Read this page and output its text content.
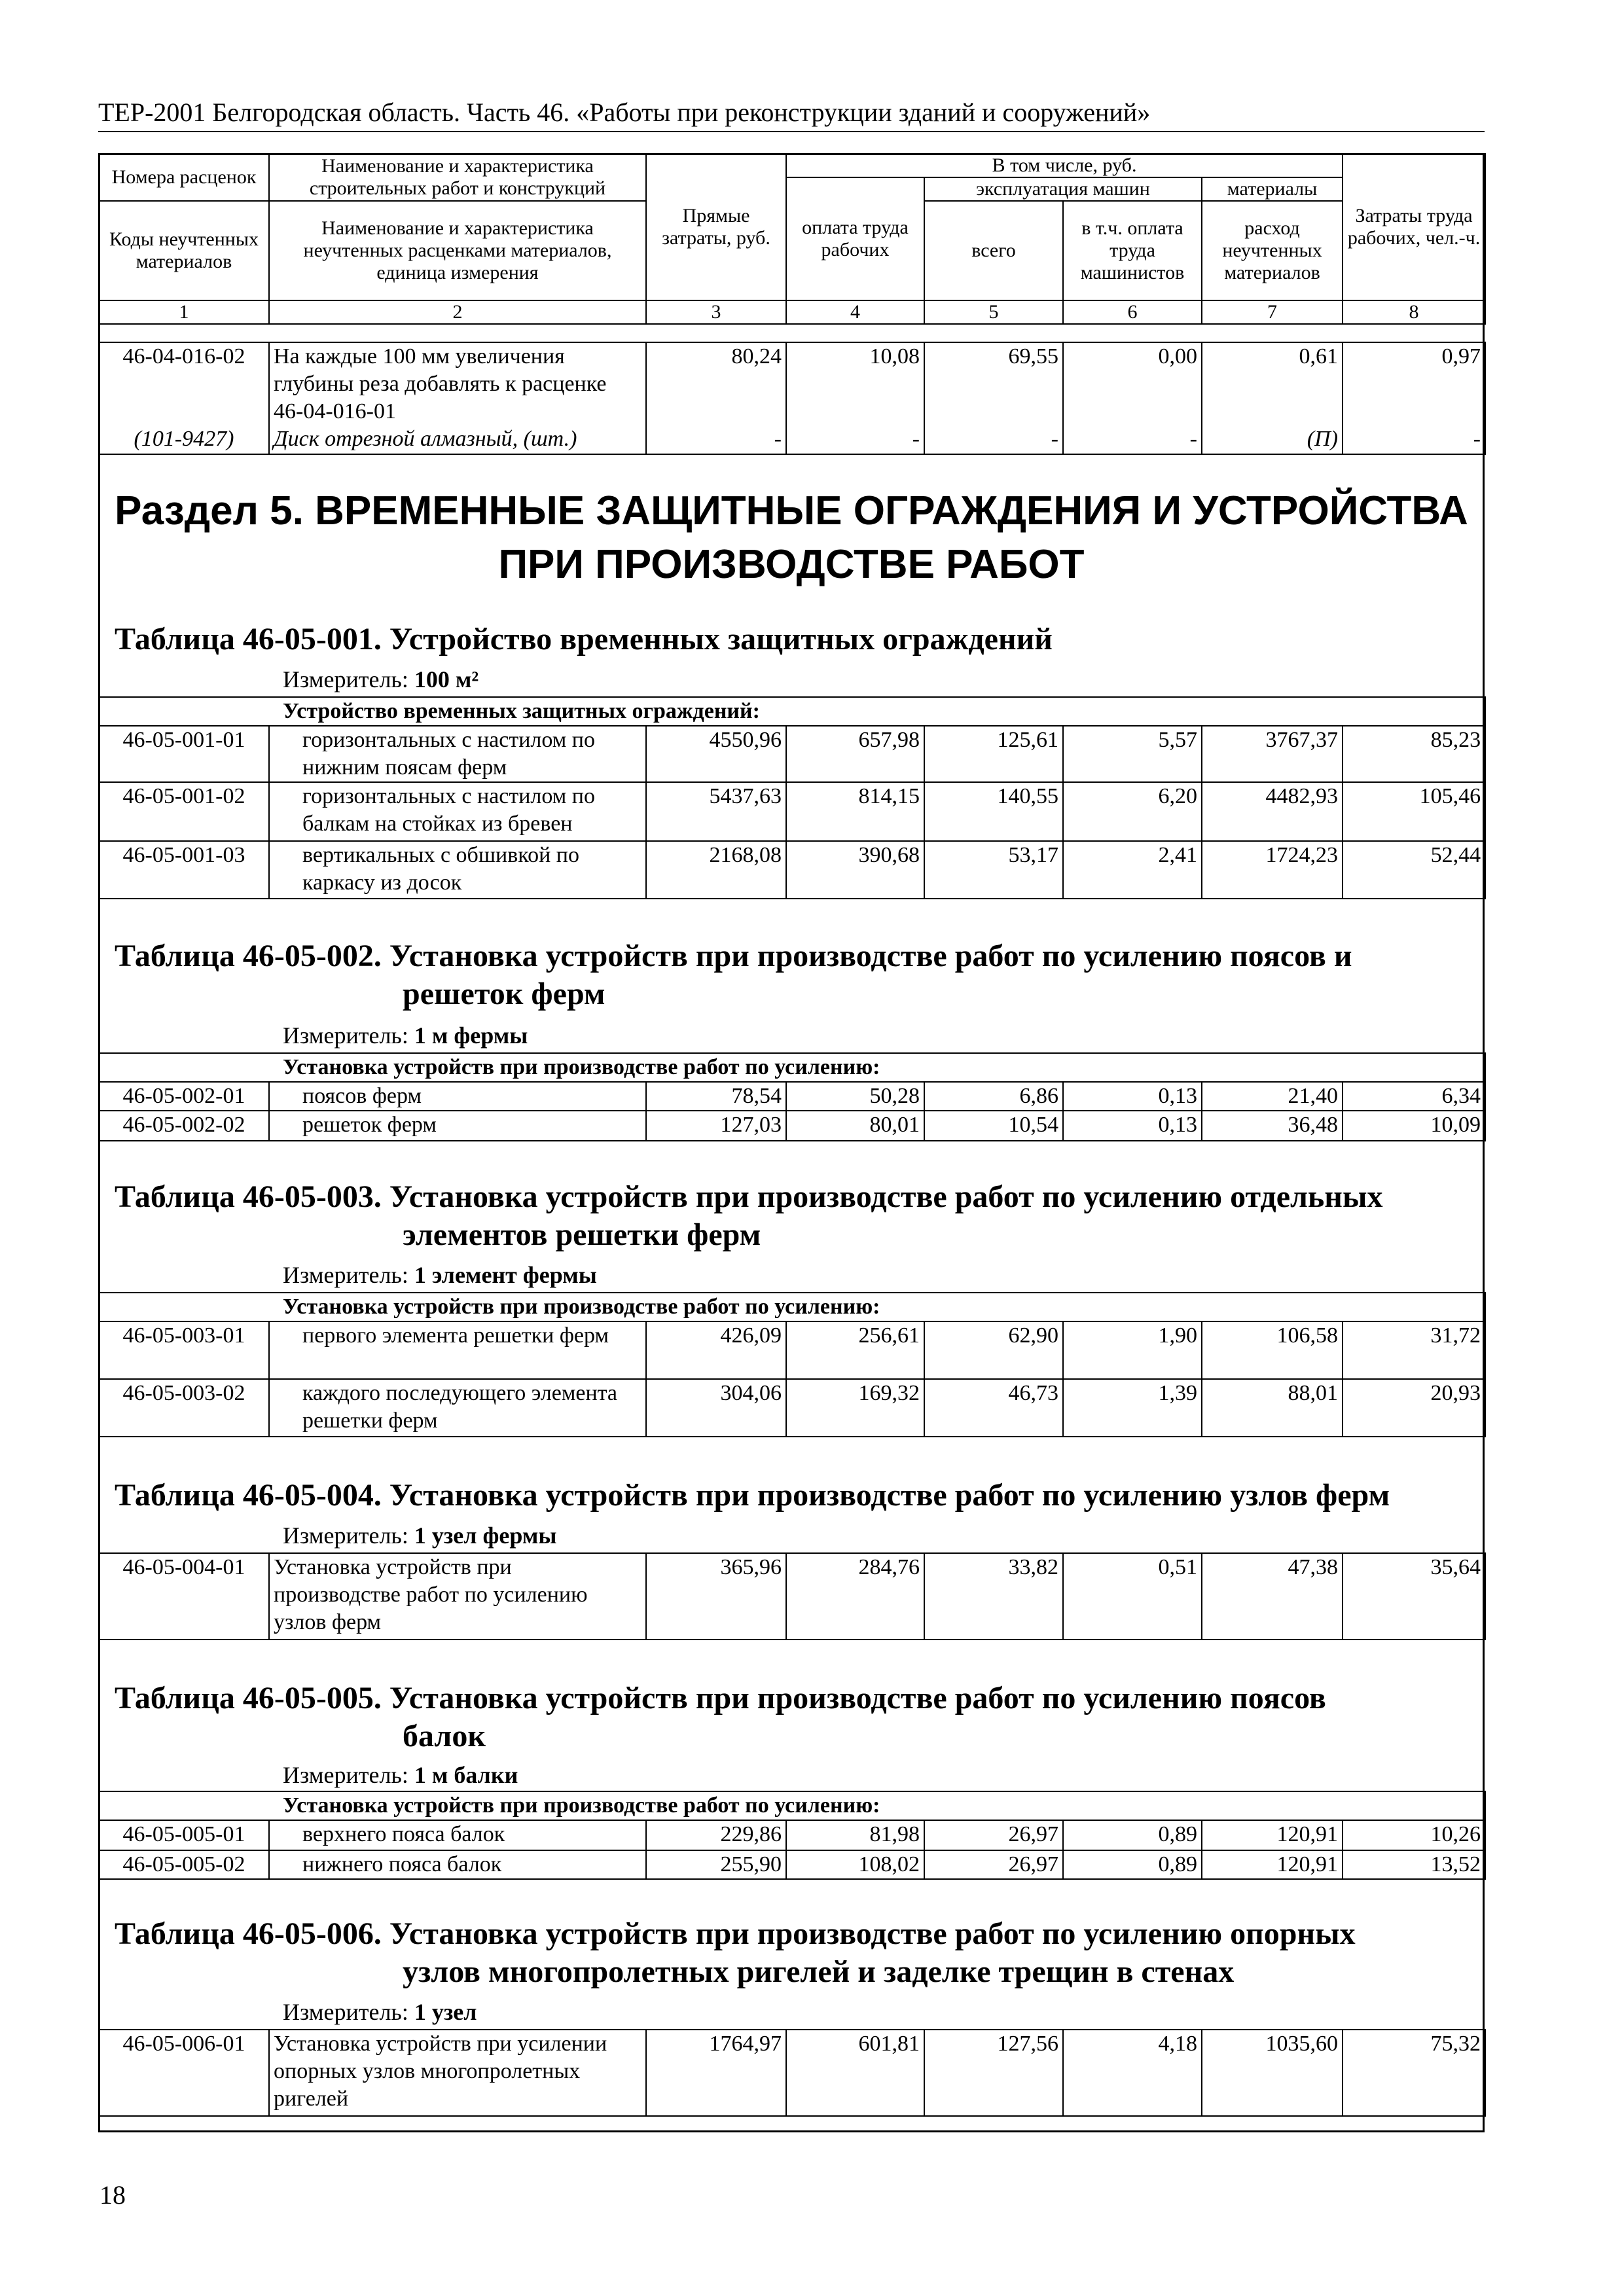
ТЕР-2001 Белгородская область. Часть 46. «Работы при реконструкции зданий и сооружений»
Номера расценок	Наименование и характеристика строительных работ и конструкций	Прямые затраты, руб.	В том числе, руб.				Затраты труда рабочих, чел.-ч.
			оплата труда рабочих	эксплуатация машин		материалы	
Коды неучтенных материалов	Наименование и характеристика неучтенных расценками материалов, единица измерения			всего	в т.ч. оплата труда машинистов	расход неучтенных материалов	

1	2	3	4	5	6	7	8
46-04-016-02	На каждые 100 мм увеличения глубины реза добавлять к расценке 46-04-016-01	80,24	10,08	69,55	0,00	0,61	0,97
(101-9427)	Диск отрезной алмазный, (шт.)	-	-	-	-	(П)	-
Раздел 5. ВРЕМЕННЫЕ ЗАЩИТНЫЕ ОГРАЖДЕНИЯ И УСТРОЙСТВА
ПРИ ПРОИЗВОДСТВЕ РАБОТ
Таблица 46-05-001. Устройство временных защитных ограждений
Измеритель: 100 м²
Устройство временных защитных ограждений:							
46-05-001-01	горизонтальных с настилом по нижним поясам ферм	4550,96	657,98	125,61	5,57	3767,37	85,23
46-05-001-02	горизонтальных с настилом по балкам на стойках из бревен	5437,63	814,15	140,55	6,20	4482,93	105,46
46-05-001-03	вертикальных с обшивкой по каркасу из досок	2168,08	390,68	53,17	2,41	1724,23	52,44
Таблица 46-05-002. Установка устройств при производстве работ по усилению поясов и
решеток ферм
Измеритель: 1 м фермы
Установка устройств при производстве работ по усилению:							
46-05-002-01	поясов ферм	78,54	50,28	6,86	0,13	21,40	6,34
46-05-002-02	решеток ферм	127,03	80,01	10,54	0,13	36,48	10,09
Таблица 46-05-003. Установка устройств при производстве работ по усилению отдельных
элементов решетки ферм
Измеритель: 1 элемент фермы
Установка устройств при производстве работ по усилению:							
46-05-003-01	первого элемента решетки ферм	426,09	256,61	62,90	1,90	106,58	31,72
46-05-003-02	каждого последующего элемента решетки ферм	304,06	169,32	46,73	1,39	88,01	20,93
Таблица 46-05-004. Установка устройств при производстве работ по усилению узлов ферм
Измеритель: 1 узел фермы
46-05-004-01	Установка устройств при производстве работ по усилению узлов ферм	365,96	284,76	33,82	0,51	47,38	35,64
Таблица 46-05-005. Установка устройств при производстве работ по усилению поясов
балок
Измеритель: 1 м балки
Установка устройств при производстве работ по усилению:							
46-05-005-01	верхнего пояса балок	229,86	81,98	26,97	0,89	120,91	10,26
46-05-005-02	нижнего пояса балок	255,90	108,02	26,97	0,89	120,91	13,52
Таблица 46-05-006. Установка устройств при производстве работ по усилению опорных
узлов многопролетных ригелей и заделке трещин в стенах
Измеритель: 1 узел
46-05-006-01	Установка устройств при усилении опорных узлов многопролетных ригелей	1764,97	601,81	127,56	4,18	1035,60	75,32
18
